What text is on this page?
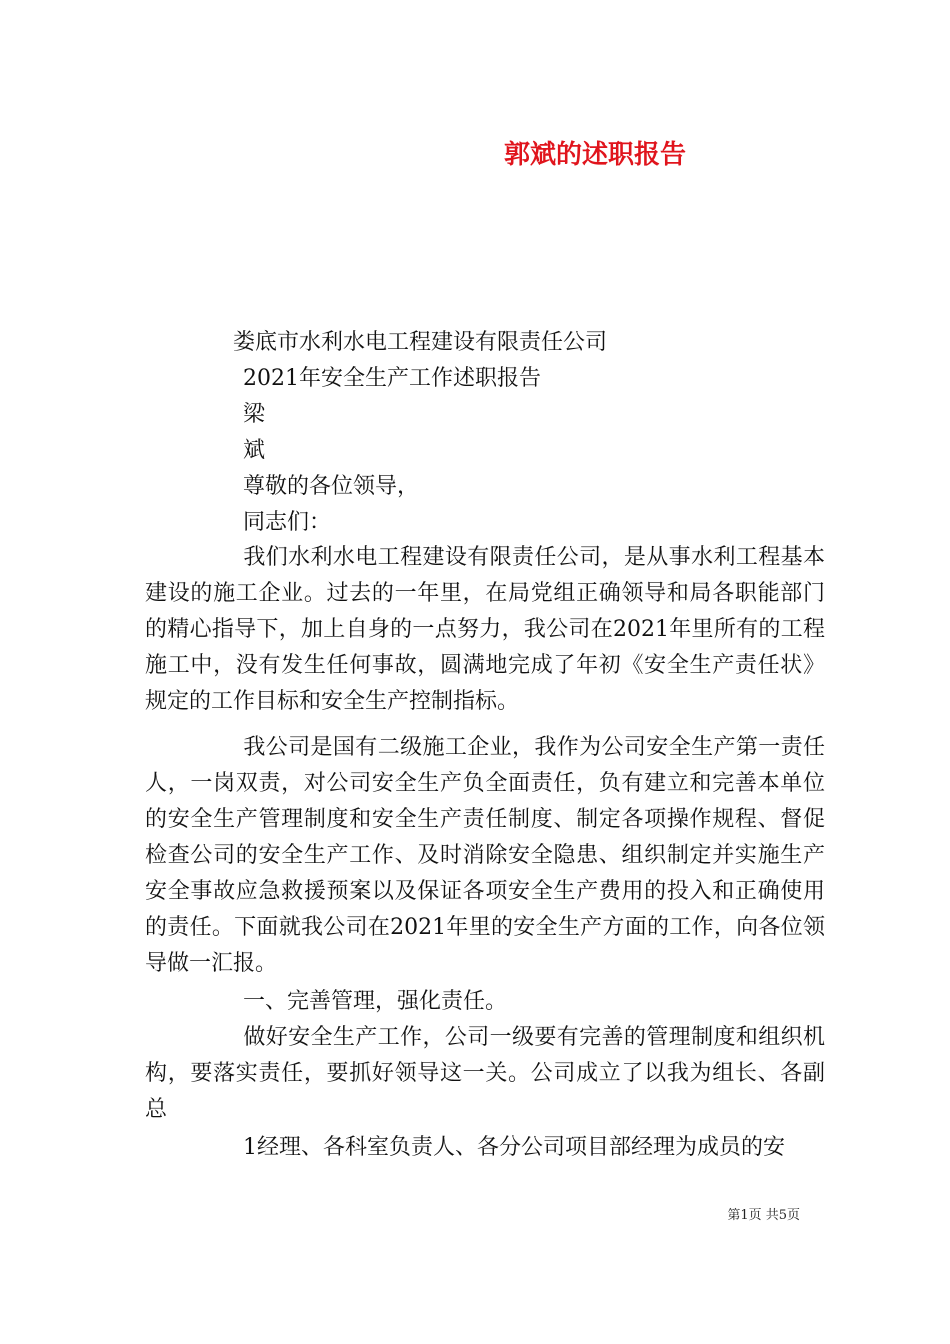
郭斌的述职报告
娄底市水利水电工程建设有限责任公司
2021年安全生产工作述职报告
梁
斌
尊敬的各位领导，
同志们：
我们水利水电工程建设有限责任公司，是从事水利工程基本建设的施工企业。过去的一年里，在局党组正确领导和局各职能部门的精心指导下，加上自身的一点努力，我公司在2021年里所有的工程施工中，没有发生任何事故，圆满地完成了年初《安全生产责任状》规定的工作目标和安全生产控制指标。
我公司是国有二级施工企业，我作为公司安全生产第一责任人，一岗双责，对公司安全生产负全面责任，负有建立和完善本单位的安全生产管理制度和安全生产责任制度、制定各项操作规程、督促检查公司的安全生产工作、及时消除安全隐患、组织制定并实施生产安全事故应急救援预案以及保证各项安全生产费用的投入和正确使用的责任。下面就我公司在2021年里的安全生产方面的工作，向各位领导做一汇报。
一、完善管理，强化责任。
做好安全生产工作，公司一级要有完善的管理制度和组织机构，要落实责任，要抓好领导这一关。公司成立了以我为组长、各副总
1经理、各科室负责人、各分公司项目部经理为成员的安
第1页 共5页
